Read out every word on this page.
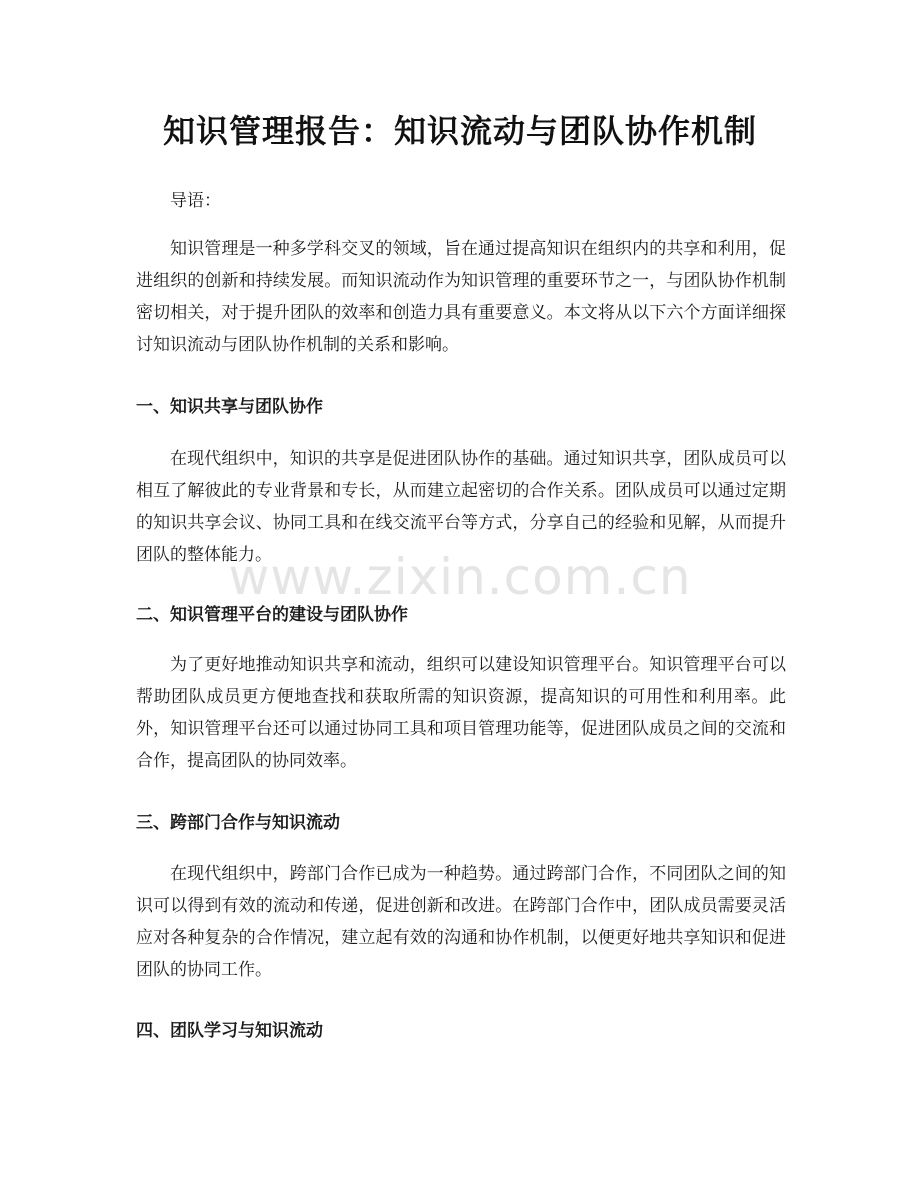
知识管理报告：知识流动与团队协作机制

导语：

知识管理是一种多学科交叉的领域，旨在通过提高知识在组织内的共享和利用，促进组织的创新和持续发展。而知识流动作为知识管理的重要环节之一，与团队协作机制密切相关，对于提升团队的效率和创造力具有重要意义。本文将从以下六个方面详细探讨知识流动与团队协作机制的关系和影响。

一、知识共享与团队协作

在现代组织中，知识的共享是促进团队协作的基础。通过知识共享，团队成员可以相互了解彼此的专业背景和专长，从而建立起密切的合作关系。团队成员可以通过定期的知识共享会议、协同工具和在线交流平台等方式，分享自己的经验和见解，从而提升团队的整体能力。

二、知识管理平台的建设与团队协作

为了更好地推动知识共享和流动，组织可以建设知识管理平台。知识管理平台可以帮助团队成员更方便地查找和获取所需的知识资源，提高知识的可用性和利用率。此外，知识管理平台还可以通过协同工具和项目管理功能等，促进团队成员之间的交流和合作，提高团队的协同效率。

三、跨部门合作与知识流动

在现代组织中，跨部门合作已成为一种趋势。通过跨部门合作，不同团队之间的知识可以得到有效的流动和传递，促进创新和改进。在跨部门合作中，团队成员需要灵活应对各种复杂的合作情况，建立起有效的沟通和协作机制，以便更好地共享知识和促进团队的协同工作。

四、团队学习与知识流动

www.zixin.com.cn
